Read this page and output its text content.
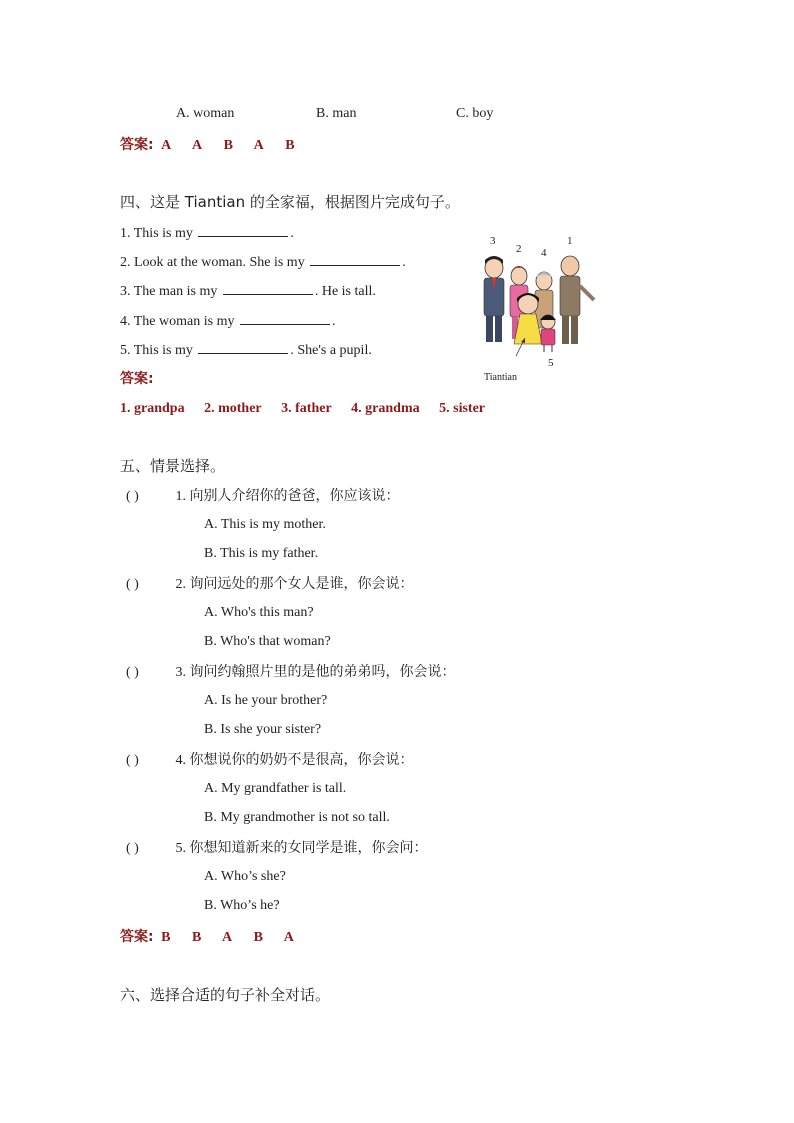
A. woman	B. man	C. boy
答案: A A B A B
四、这是 Tiantian 的全家福，根据图片完成句子。
1. This is my	.
2. Look at the woman. She is my	.
3. The man is my	. He is tall.
4. The woman is my	.
5. This is my	. She's a pupil.
答案:
1. grandpa 2. mother 3. father 4. grandma 5. sister
3
2 4
1
5
Tiantian
五、情景选择。
( )	1. 向别人介绍你的爸爸，你应该说：
A. This is my mother.
B. This is my father.
( )	2. 询问远处的那个女人是谁，你会说：
A. Who's this man?
B. Who's that woman?
( )	3. 询问约翰照片里的是他的弟弟吗，你会说：
A. Is he your brother?
B. Is she your sister?
( )	4. 你想说你的奶奶不是很高，你会说：
A. My grandfather is tall.
B. My grandmother is not so tall.
( )	5. 你想知道新来的女同学是谁，你会问：
A. Who’s she?
B. Who’s he?
答案: B B A B A
六、选择合适的句子补全对话。
